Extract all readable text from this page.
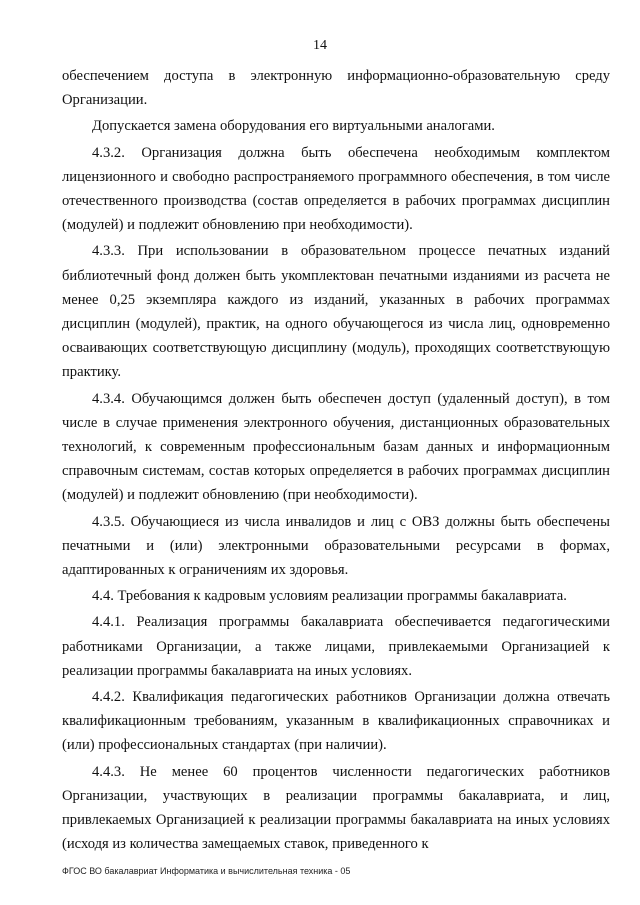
14

обеспечением доступа в электронную информационно-образовательную среду Организации.

Допускается замена оборудования его виртуальными аналогами.

4.3.2. Организация должна быть обеспечена необходимым комплектом лицензионного и свободно распространяемого программного обеспечения, в том числе отечественного производства (состав определяется в рабочих программах дисциплин (модулей) и подлежит обновлению при необходимости).

4.3.3. При использовании в образовательном процессе печатных изданий библиотечный фонд должен быть укомплектован печатными изданиями из расчета не менее 0,25 экземпляра каждого из изданий, указанных в рабочих программах дисциплин (модулей), практик, на одного обучающегося из числа лиц, одновременно осваивающих соответствующую дисциплину (модуль), проходящих соответствующую практику.

4.3.4. Обучающимся должен быть обеспечен доступ (удаленный доступ), в том числе в случае применения электронного обучения, дистанционных образовательных технологий, к современным профессиональным базам данных и информационным справочным системам, состав которых определяется в рабочих программах дисциплин (модулей) и подлежит обновлению (при необходимости).

4.3.5. Обучающиеся из числа инвалидов и лиц с ОВЗ должны быть обеспечены печатными и (или) электронными образовательными ресурсами в формах, адаптированных к ограничениям их здоровья.

4.4. Требования к кадровым условиям реализации программы бакалавриата.

4.4.1. Реализация программы бакалавриата обеспечивается педагогическими работниками Организации, а также лицами, привлекаемыми Организацией к реализации программы бакалавриата на иных условиях.

4.4.2. Квалификация педагогических работников Организации должна отвечать квалификационным требованиям, указанным в квалификационных справочниках и (или) профессиональных стандартах (при наличии).

4.4.3. Не менее 60 процентов численности педагогических работников Организации, участвующих в реализации программы бакалавриата, и лиц, привлекаемых Организацией к реализации программы бакалавриата на иных условиях (исходя из количества замещаемых ставок, приведенного к

ФГОС ВО бакалавриат Информатика и вычислительная техника - 05
